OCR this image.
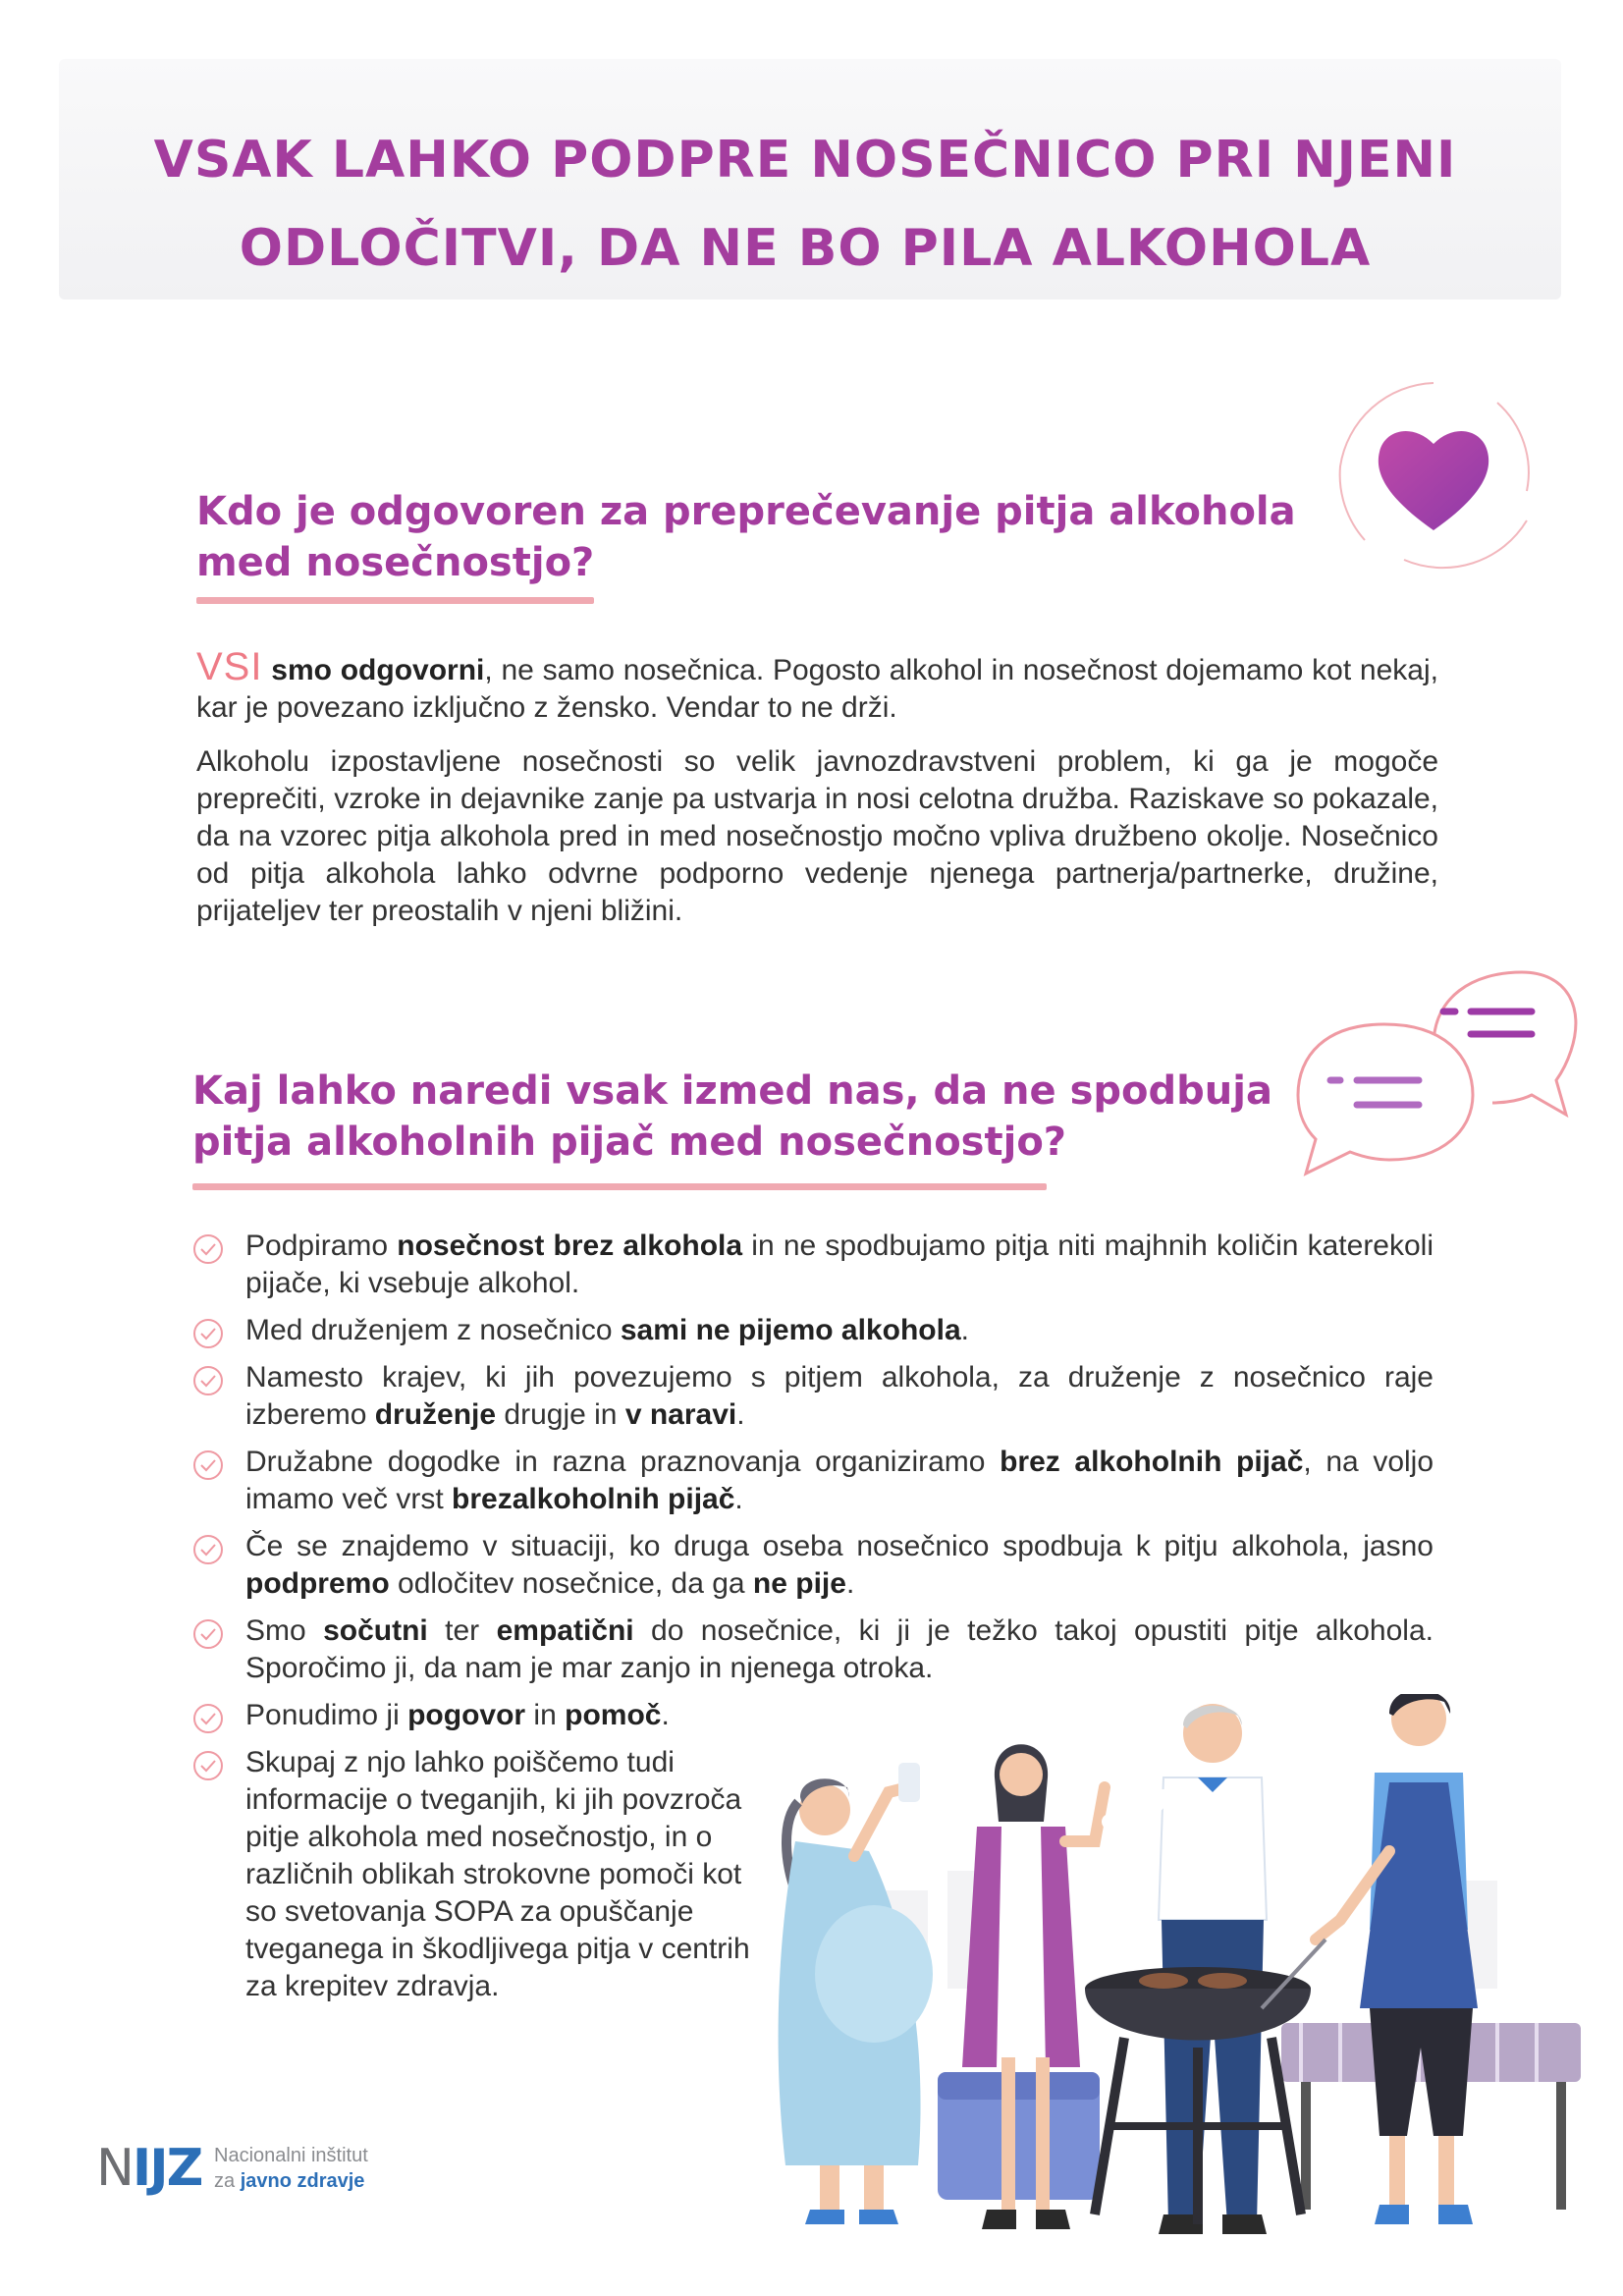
VSAK LAHKO PODPRE NOSEČNICO PRI NJENI
ODLOČITVI, DA NE BO PILA ALKOHOLA
Kdo je odgovoren za preprečevanje pitja alkohola
med nosečnostjo?

VSI smo odgovorni, ne samo nosečnica. Pogosto alkohol in nosečnost dojemamo kot nekaj, kar je povezano izključno z žensko. Vendar to ne drži.

Alkoholu izpostavljene nosečnosti so velik javnozdravstveni problem, ki ga je mogoče preprečiti, vzroke in dejavnike zanje pa ustvarja in nosi celotna družba. Raziskave so pokazale, da na vzorec pitja alkohola pred in med nosečnostjo močno vpliva družbeno okolje. Nosečnico od pitja alkohola lahko odvrne podporno vedenje njenega partnerja/partnerke, družine, prijateljev ter preostalih v njeni bližini.

Kaj lahko naredi vsak izmed nas, da ne spodbuja
pitja alkoholnih pijač med nosečnostjo?
Podpiramo nosečnost brez alkohola in ne spodbujamo pitja niti majhnih količin katerekoli pijače, ki vsebuje alkohol.
Med druženjem z nosečnico sami ne pijemo alkohola.
Namesto krajev, ki jih povezujemo s pitjem alkohola, za druženje z nosečnico raje izberemo druženje drugje in v naravi.
Družabne dogodke in razna praznovanja organiziramo brez alkoholnih pijač, na voljo imamo več vrst brezalkoholnih pijač.
Če se znajdemo v situaciji, ko druga oseba nosečnico spodbuja k pitju alkohola, jasno podpremo odločitev nosečnice, da ga ne pije.
Smo sočutni ter empatični do nosečnice, ki ji je težko takoj opustiti pitje alkohola. Sporočimo ji, da nam je mar zanjo in njenega otroka.
Ponudimo ji pogovor in pomoč.
Skupaj z njo lahko poiščemo tudi informacije o tveganjih, ki jih povzroča pitje alkohola med nosečnostjo, in o različnih oblikah strokovne pomoči kot so svetovanja SOPA za opuščanje tveganega in škodljivega pitja v centrih za krepitev zdravja.
NIJZ Nacionalni inštitut
za javno zdravje
